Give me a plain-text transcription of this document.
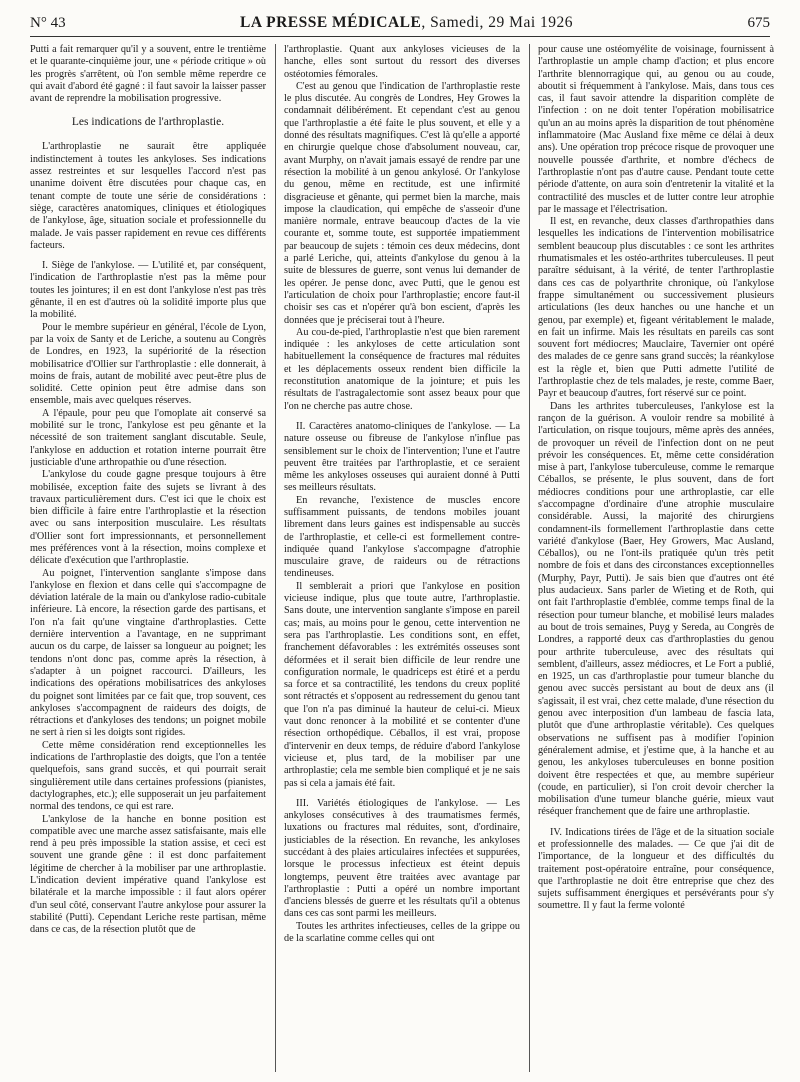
N° 43	LA PRESSE MÉDICALE, Samedi, 29 Mai 1926	675

Putti a fait remarquer qu'il y a souvent, entre le trentième et le quarante-cinquième jour, une « période critique » où les progrès s'arrêtent, où l'on semble même reperdre ce qui avait d'abord été gagné : il faut savoir la laisser passer avant de reprendre la mobilisation progressive.

Les indications de l'arthroplastie.

L'arthroplastie ne saurait être appliquée indistinctement à toutes les ankyloses. Ses indications assez restreintes et sur lesquelles l'accord n'est pas unanime doivent être discutées pour chaque cas, en tenant compte de toute une série de considérations : siège, caractères anatomiques, cliniques et étiologiques de l'ankylose, âge, situation sociale et professionnelle du malade. Je vais passer rapidement en revue ces différents facteurs.

I. Siège de l'ankylose. — L'utilité et, par conséquent, l'indication de l'arthroplastie n'est pas la même pour toutes les jointures; il en est dont l'ankylose n'est pas très gênante, il en est d'autres où la solidité importe plus que la mobilité.

Pour le membre supérieur en général, l'école de Lyon, par la voix de Santy et de Leriche, a soutenu au Congrès de Londres, en 1923, la supériorité de la résection mobilisatrice d'Ollier sur l'arthroplastie : elle donnerait, à moins de frais, autant de mobilité avec peut-être plus de solidité. Cette opinion peut être admise dans son ensemble, mais avec quelques réserves.

A l'épaule, pour peu que l'omoplate ait conservé sa mobilité sur le tronc, l'ankylose est peu gênante et la nécessité de son traitement sanglant discutable. Seule, l'ankylose en adduction et rotation interne pourrait être justiciable d'une arthropathie ou d'une résection.

L'ankylose du coude gagne presque toujours à être mobilisée, exception faite des sujets se livrant à des travaux particulièrement durs. C'est ici que le choix est bien difficile à faire entre l'arthroplastie et la résection avec ou sans interposition musculaire. Les résultats d'Ollier sont fort impressionnants, et personnellement mes préférences vont à la résection, moins complexe et délicate d'exécution que l'arthroplastie.

Au poignet, l'intervention sanglante s'impose dans l'ankylose en flexion et dans celle qui s'accompagne de déviation latérale de la main ou d'ankylose radio-cubitale inférieure. Là encore, la résection garde des partisans, et l'on n'a fait qu'une vingtaine d'arthroplasties. Cette dernière intervention a l'avantage, en ne supprimant aucun os du carpe, de laisser sa longueur au poignet; les tendons n'ont donc pas, comme après la résection, à s'adapter à un poignet raccourci. D'ailleurs, les indications des opérations mobilisatrices des ankyloses du poignet sont limitées par ce fait que, trop souvent, ces ankyloses s'accompagnent de raideurs des doigts, de rétractions et d'ankyloses des tendons; un poignet mobile ne sert à rien si les doigts sont rigides.

Cette même considération rend exceptionnelles les indications de l'arthroplastie des doigts, que l'on a tentée quelquefois, sans grand succès, et qui pourrait serait singulièrement utile dans certaines professions (pianistes, dactylographes, etc.); elle supposerait un jeu parfaitement normal des tendons, ce qui est rare.

L'ankylose de la hanche en bonne position est compatible avec une marche assez satisfaisante, mais elle rend à peu près impossible la station assise, et ceci est souvent une grande gêne : il est donc parfaitement légitime de chercher à la mobiliser par une arthroplastie. L'indication devient impérative quand l'ankylose est bilatérale et la marche impossible : il faut alors opérer d'un seul côté, conservant l'autre ankylose pour assurer la stabilité (Putti). Cependant Leriche reste partisan, même dans ce cas, de la résection plutôt que de

l'arthroplastie. Quant aux ankyloses vicieuses de la hanche, elles sont surtout du ressort des diverses ostéotomies fémorales.

C'est au genou que l'indication de l'arthroplastie reste le plus discutée. Au congrès de Londres, Hey Growes la condamnait délibérément. Et cependant c'est au genou que l'arthroplastie a été faite le plus souvent, et elle y a donné des résultats magnifiques. C'est là qu'elle a apporté en chirurgie quelque chose d'absolument nouveau, car, avant Murphy, on n'avait jamais essayé de rendre par une résection la mobilité à un genou ankylosé. Or l'ankylose du genou, même en rectitude, est une infirmité disgracieuse et gênante, qui permet bien la marche, mais impose la claudication, qui empêche de s'asseoir d'une manière normale, entrave beaucoup d'actes de la vie courante et, somme toute, est supportée impatiemment par beaucoup de sujets : témoin ces deux médecins, dont a parlé Leriche, qui, atteints d'ankylose du genou à la suite de blessures de guerre, sont venus lui demander de les opérer. Je pense donc, avec Putti, que le genou est l'articulation de choix pour l'arthroplastie; encore faut-il choisir ses cas et n'opérer qu'à bon escient, d'après les données que je préciserai tout à l'heure.

Au cou-de-pied, l'arthroplastie n'est que bien rarement indiquée : les ankyloses de cette articulation sont habituellement la conséquence de fractures mal réduites et les déplacements osseux rendent bien difficile la reconstitution anatomique de la jointure; et puis les résultats de l'astragalectomie sont assez beaux pour que l'on ne cherche pas autre chose.

II. Caractères anatomo-cliniques de l'ankylose. — La nature osseuse ou fibreuse de l'ankylose n'influe pas sensiblement sur le choix de l'intervention; l'une et l'autre peuvent être traitées par l'arthroplastie, et ce seraient même les ankyloses osseuses qui auraient donné à Putti ses meilleurs résultats.

En revanche, l'existence de muscles encore suffisamment puissants, de tendons mobiles jouant librement dans leurs gaines est indispensable au succès de l'arthroplastie, et celle-ci est formellement contre-indiquée quand l'ankylose s'accompagne d'atrophie musculaire grave, de raideurs ou de rétractions tendineuses.

Il semblerait a priori que l'ankylose en position vicieuse indique, plus que toute autre, l'arthroplastie. Sans doute, une intervention sanglante s'impose en pareil cas; mais, au moins pour le genou, cette intervention ne sera pas l'arthroplastie. Les conditions sont, en effet, franchement défavorables : les extrémités osseuses sont déformées et il serait bien difficile de leur rendre une configuration normale, le quadriceps est étiré et a perdu sa force et sa contractilité, les tendons du creux poplité sont rétractés et s'opposent au redressement du genou tant que l'on n'a pas diminué la hauteur de celui-ci. Mieux vaut donc renoncer à la mobilité et se contenter d'une résection orthopédique. Céballos, il est vrai, propose d'intervenir en deux temps, de réduire d'abord l'ankylose vicieuse et, plus tard, de la mobiliser par une arthroplastie; cela me semble bien compliqué et je ne sais pas si cela a jamais été fait.

III. Variétés étiologiques de l'ankylose. — Les ankyloses consécutives à des traumatismes fermés, luxations ou fractures mal réduites, sont, d'ordinaire, justiciables de la résection. En revanche, les ankyloses succédant à des plaies articulaires infectées et suppurées, lorsque le processus infectieux est éteint depuis longtemps, peuvent être traitées avec avantage par l'arthroplastie : Putti a opéré un nombre important d'anciens blessés de guerre et les résultats qu'il a obtenus dans ces cas sont parmi les meilleurs.

Toutes les arthrites infectieuses, celles de la grippe ou de la scarlatine comme celles qui ont

pour cause une ostéomyélite de voisinage, fournissent à l'arthroplastie un ample champ d'action; et plus encore l'arthrite blennorragique qui, au genou ou au coude, aboutit si fréquemment à l'ankylose. Mais, dans tous ces cas, il faut savoir attendre la disparition complète de l'infection : on ne doit tenter l'opération mobilisatrice qu'un an au moins après la disparition de tout phénomène inflammatoire (Mac Ausland fixe même ce délai à deux ans). Une opération trop précoce risque de provoquer une nouvelle poussée d'arthrite, et nombre d'échecs de l'arthroplastie n'ont pas d'autre cause. Pendant toute cette période d'attente, on aura soin d'entretenir la vitalité et la contractilité des muscles et de lutter contre leur atrophie par le massage et l'électrisation.

Il est, en revanche, deux classes d'arthropathies dans lesquelles les indications de l'intervention mobilisatrice semblent beaucoup plus discutables : ce sont les arthrites rhumatismales et les ostéo-arthrites tuberculeuses. Il peut paraître séduisant, à la vérité, de tenter l'arthroplastie dans ces cas de polyarthrite chronique, où l'ankylose frappe simultanément ou successivement plusieurs articulations (les deux hanches ou une hanche et un genou, par exemple) et, figeant véritablement le malade, en fait un infirme. Mais les résultats en pareils cas sont souvent fort médiocres; Mauclaire, Tavernier ont opéré des malades de ce genre sans grand succès; la réankylose est la règle et, bien que Putti admette l'utilité de l'arthroplastie chez de tels malades, je reste, comme Baer, Payr et beaucoup d'autres, fort réservé sur ce point.

Dans les arthrites tuberculeuses, l'ankylose est la rançon de la guérison. A vouloir rendre sa mobilité à l'articulation, on risque toujours, même après des années, de provoquer un réveil de l'infection dont on ne peut prévoir les conséquences. Et, même cette considération mise à part, l'ankylose tuberculeuse, comme le remarque Céballos, se présente, le plus souvent, dans de fort médiocres conditions pour une arthroplastie, car elle s'accompagne d'ordinaire d'une atrophie musculaire considérable. Aussi, la majorité des chirurgiens condamnent-ils formellement l'arthroplastie dans cette variété d'ankylose (Baer, Hey Growers, Mac Ausland, Céballos), ou ne l'ont-ils pratiquée qu'un très petit nombre de fois et dans des circonstances exceptionnelles (Murphy, Payr, Putti). Je sais bien que d'autres ont été plus audacieux. Sans parler de Wieting et de Roth, qui ont fait l'arthroplastie d'emblée, comme temps final de la résection pour tumeur blanche, et mobilisé leurs malades au bout de trois semaines, Puyg y Sereda, au Congrès de Londres, a rapporté deux cas d'arthroplasties du genou pour arthrite tuberculeuse, avec des résultats qui semblent, d'ailleurs, assez médiocres, et Le Fort a publié, en 1925, un cas d'arthroplastie pour tumeur blanche du genou avec succès persistant au bout de deux ans (il s'agissait, il est vrai, chez cette malade, d'une résection du genou avec interposition d'un lambeau de fascia lata, plutôt que d'une arthroplastie véritable). Ces quelques observations ne suffisent pas à modifier l'opinion généralement admise, et j'estime que, à la hanche et au genou, les ankyloses tuberculeuses en bonne position doivent être respectées et que, au membre supérieur (coude, en particulier), si l'on croit devoir chercher la mobilisation d'une tumeur blanche guérie, mieux vaut réséquer franchement que de faire une arthroplastie.

IV. Indications tirées de l'âge et de la situation sociale et professionnelle des malades. — Ce que j'ai dit de l'importance, de la longueur et des difficultés du traitement post-opératoire entraîne, pour conséquence, que l'arthroplastie ne doit être entreprise que chez des sujets suffisamment énergiques et persévérants pour s'y soumettre. Il y faut la ferme volonté
